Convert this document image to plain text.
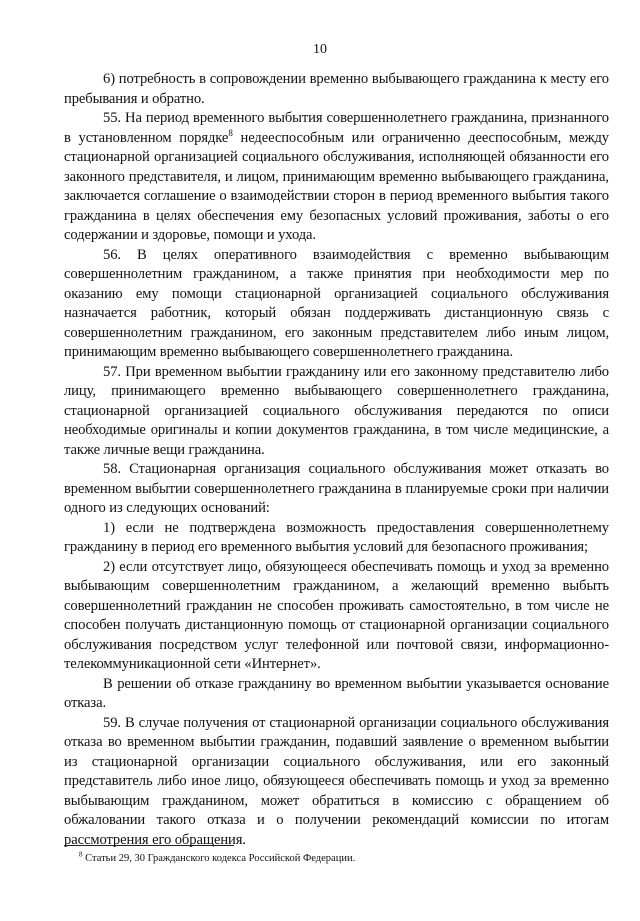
10

6) потребность в сопровождении временно выбывающего гражданина к месту его пребывания и обратно.

55. На период временного выбытия совершеннолетнего гражданина, признанного в установленном порядке$^8$ недееспособным или ограниченно дееспособным, между стационарной организацией социального обслуживания, исполняющей обязанности его законного представителя, и лицом, принимающим временно выбывающего гражданина, заключается соглашение о взаимодействии сторон в период временного выбытия такого гражданина в целях обеспечения ему безопасных условий проживания, заботы о его содержании и здоровье, помощи и ухода.

56. В целях оперативного взаимодействия с временно выбывающим совершеннолетним гражданином, а также принятия при необходимости мер по оказанию ему помощи стационарной организацией социального обслуживания назначается работник, который обязан поддерживать дистанционную связь с совершеннолетним гражданином, его законным представителем либо иным лицом, принимающим временно выбывающего совершеннолетнего гражданина.

57. При временном выбытии гражданину или его законному представителю либо лицу, принимающего временно выбывающего совершеннолетнего гражданина, стационарной организацией социального обслуживания передаются по описи необходимые оригиналы и копии документов гражданина, в том числе медицинские, а также личные вещи гражданина.

58. Стационарная организация социального обслуживания может отказать во временном выбытии совершеннолетнего гражданина в планируемые сроки при наличии одного из следующих оснований:

1) если не подтверждена возможность предоставления совершеннолетнему гражданину в период его временного выбытия условий для безопасного проживания;

2) если отсутствует лицо, обязующееся обеспечивать помощь и уход за временно выбывающим совершеннолетним гражданином, а желающий временно выбыть совершеннолетний гражданин не способен проживать самостоятельно, в том числе не способен получать дистанционную помощь от стационарной организации социального обслуживания посредством услуг телефонной или почтовой связи, информационно-телекоммуникационной сети «Интернет».

В решении об отказе гражданину во временном выбытии указывается основание отказа.

59. В случае получения от стационарной организации социального обслуживания отказа во временном выбытии гражданин, подавший заявление о временном выбытии из стационарной организации социального обслуживания, или его законный представитель либо иное лицо, обязующееся обеспечивать помощь и уход за временно выбывающим гражданином, может обратиться в комиссию с обращением об обжаловании такого отказа и о получении рекомендаций комиссии по итогам рассмотрения его обращения.

$^8$ Статьи 29, 30 Гражданского кодекса Российской Федерации.
